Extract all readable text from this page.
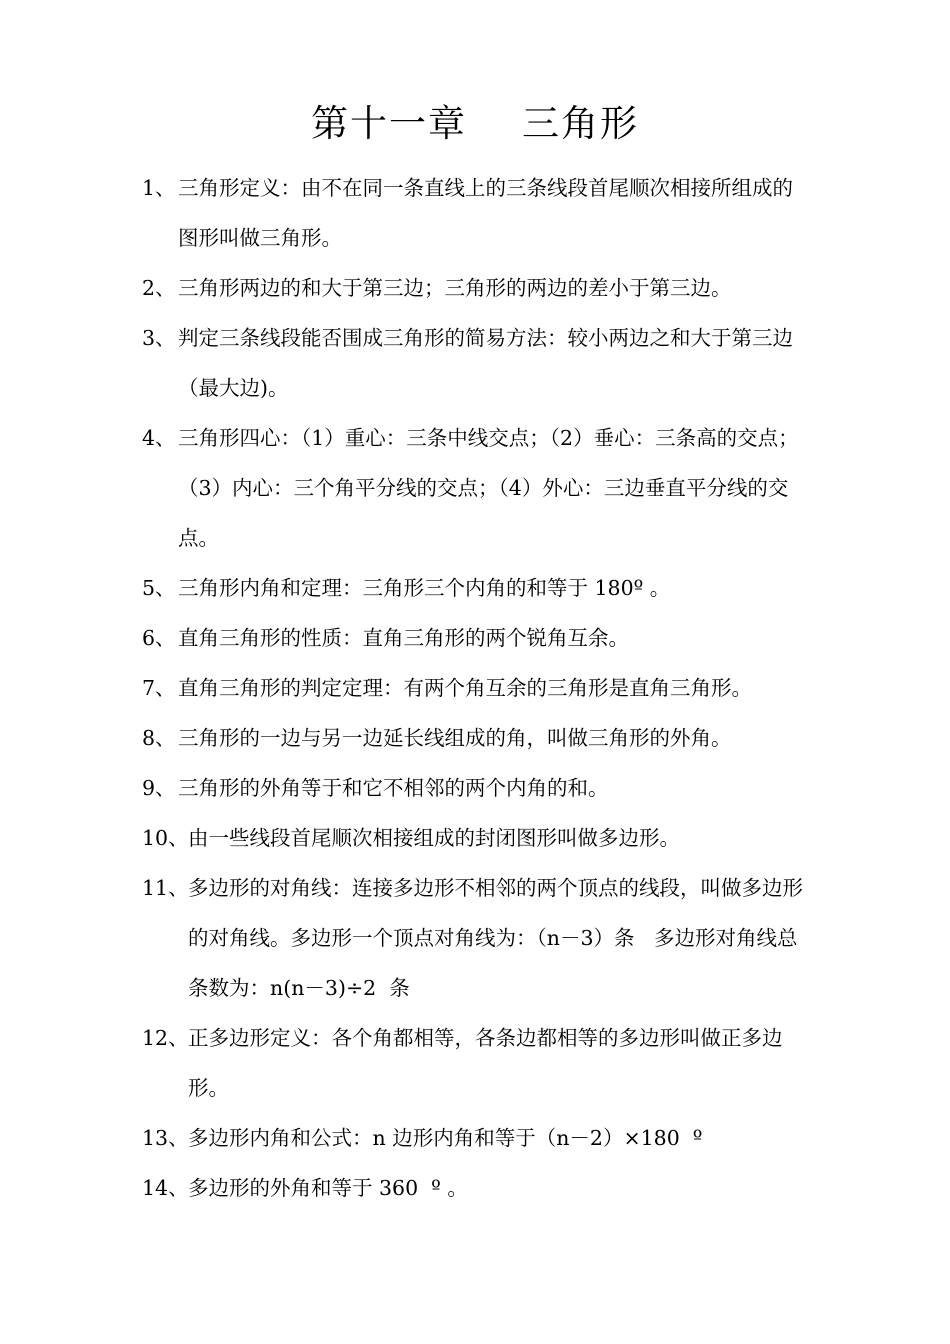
第十一章    三角形
1、 三角形定义：由不在同一条直线上的三条线段首尾顺次相接所组成的图形叫做三角形。
2、 三角形两边的和大于第三边；三角形的两边的差小于第三边。
3、 判定三条线段能否围成三角形的简易方法：较小两边之和大于第三边（最大边)。
4、 三角形四心：（1）重心：三条中线交点；（2）垂心：三条高的交点；（3）内心：三个角平分线的交点；（4）外心：三边垂直平分线的交点。
5、 三角形内角和定理：三角形三个内角的和等于 180º 。
6、 直角三角形的性质：直角三角形的两个锐角互余。
7、 直角三角形的判定定理：有两个角互余的三角形是直角三角形。
8、 三角形的一边与另一边延长线组成的角，叫做三角形的外角。
9、 三角形的外角等于和它不相邻的两个内角的和。
10、 由一些线段首尾顺次相接组成的封闭图形叫做多边形。
11、 多边形的对角线：连接多边形不相邻的两个顶点的线段，叫做多边形的对角线。多边形一个顶点对角线为：（n－3）条   多边形对角线总条数为：n(n－3)÷2  条
12、 正多边形定义：各个角都相等，各条边都相等的多边形叫做正多边形。
13、 多边形内角和公式：n 边形内角和等于（n－2）×180  º
14、 多边形的外角和等于 360  º 。
